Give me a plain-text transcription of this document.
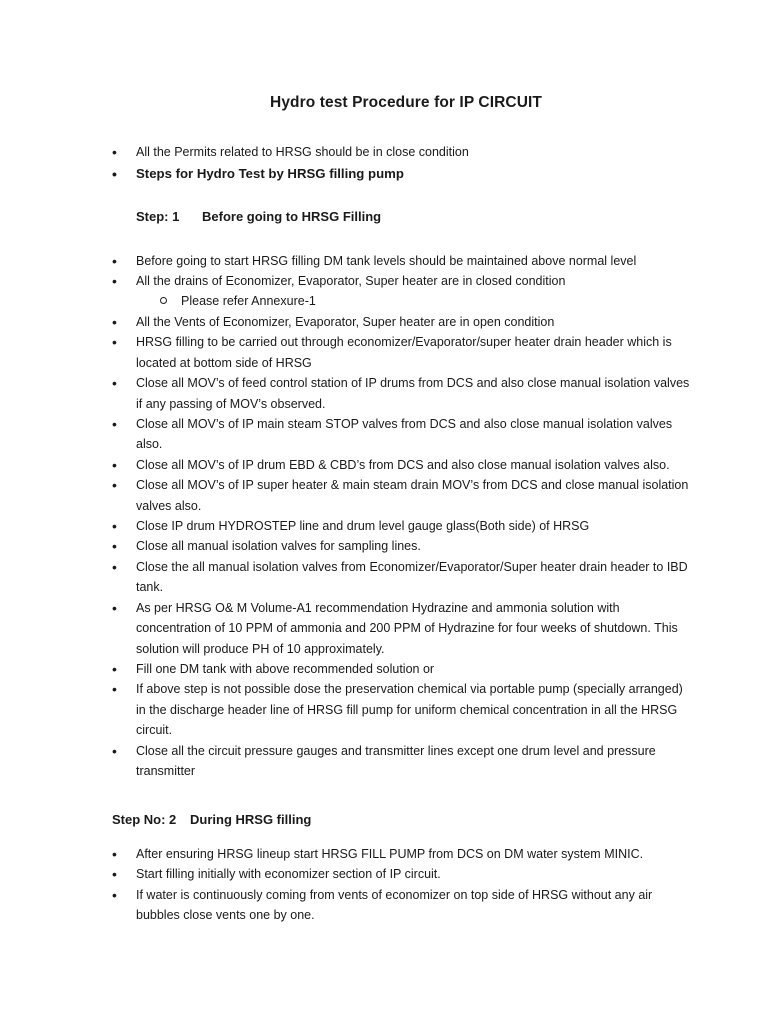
Hydro test Procedure for IP CIRCUIT
• All the Permits related to HRSG should be in close condition
• Steps for Hydro Test by HRSG filling pump
Step: 1 Before going to HRSG Filling
• Before going to start HRSG filling DM tank levels should be maintained above normal level
• All the drains of Economizer, Evaporator, Super heater are in closed condition
Please refer Annexure-1
• All the Vents of Economizer, Evaporator, Super heater are in open condition
• HRSG filling to be carried out through economizer/Evaporator/super heater drain header which is located at bottom side of HRSG
• Close all MOV’s of feed control station of IP drums from DCS and also close manual isolation valves if any passing of MOV’s observed.
• Close all MOV’s of IP main steam STOP valves from DCS and also close manual isolation valves also.
• Close all MOV’s of IP drum EBD & CBD’s from DCS and also close manual isolation valves also.
• Close all MOV’s of IP super heater & main steam drain MOV’s from DCS and close manual isolation valves also.
• Close IP drum HYDROSTEP line and drum level gauge glass(Both side) of HRSG
• Close all manual isolation valves for sampling lines.
• Close the all manual isolation valves from Economizer/Evaporator/Super heater drain header to IBD tank.
• As per HRSG O& M Volume-A1 recommendation Hydrazine and ammonia solution with concentration of 10 PPM of ammonia and 200 PPM of Hydrazine for four weeks of shutdown. This solution will produce PH of 10 approximately.
• Fill one DM tank with above recommended solution or
• If above step is not possible dose the preservation chemical via portable pump (specially arranged) in the discharge header line of HRSG fill pump for uniform chemical concentration in all the HRSG circuit.
• Close all the circuit pressure gauges and transmitter lines except one drum level and pressure transmitter
Step No: 2 During HRSG filling
• After ensuring HRSG lineup start HRSG FILL PUMP from DCS on DM water system MINIC.
• Start filling initially with economizer section of IP circuit.
• If water is continuously coming from vents of economizer on top side of HRSG without any air bubbles close vents one by one.
